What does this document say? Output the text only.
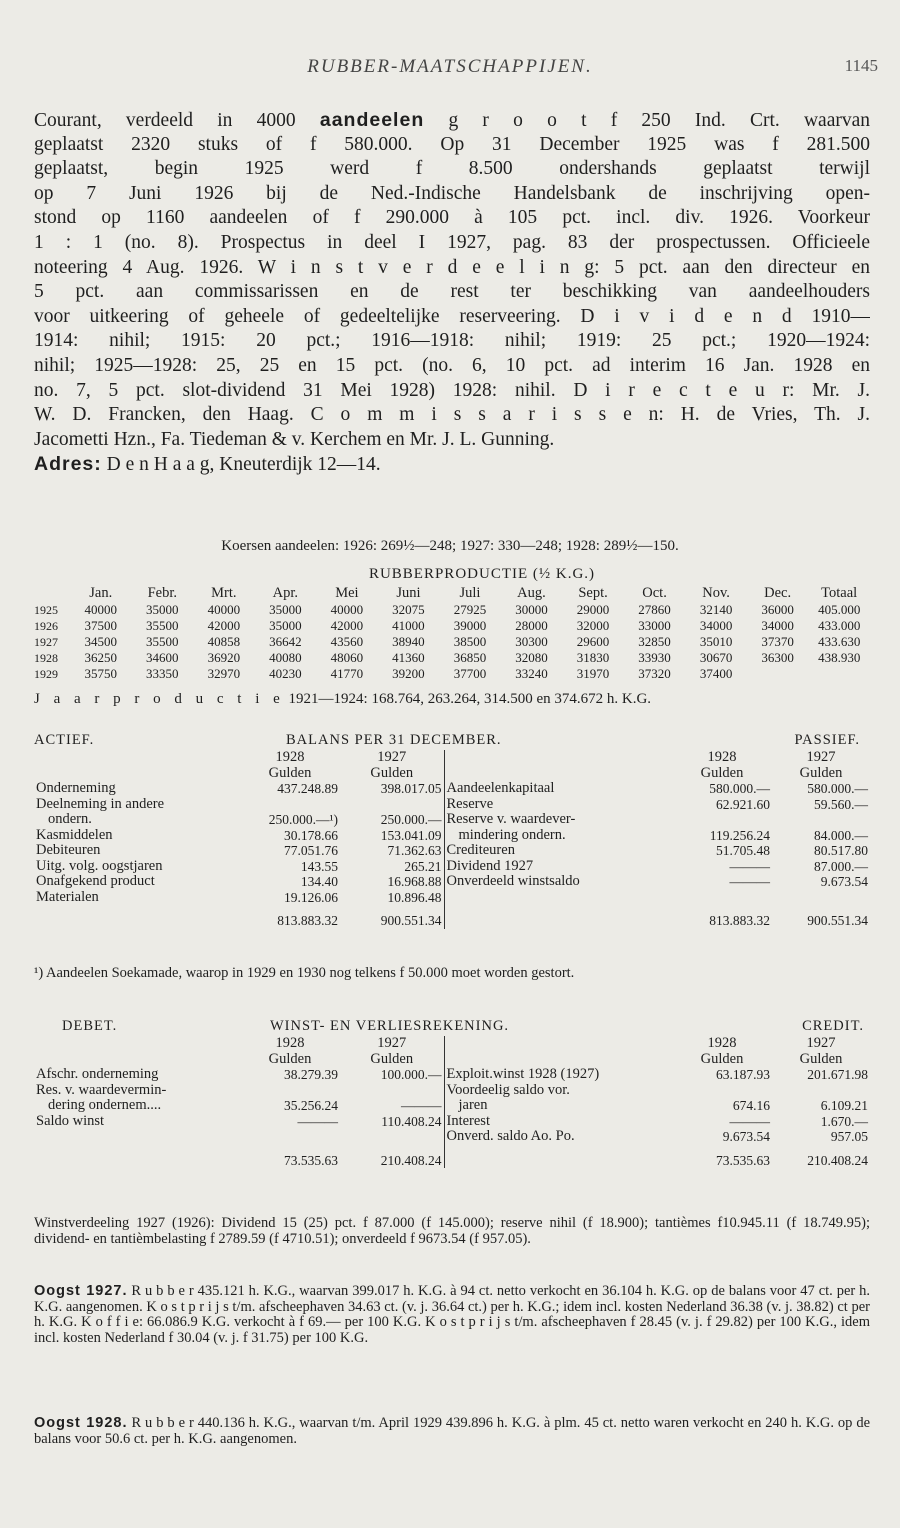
RUBBER-MAATSCHAPPIJEN.	1145
Courant, verdeeld in 4000 aandeelen g r o o t f 250 Ind. Crt. waarvan
geplaatst 2320 stuks of f 580.000. Op 31 December 1925 was f 281.500
geplaatst, begin 1925 werd f 8.500 ondershands geplaatst terwijl
op 7 Juni 1926 bij de Ned.-Indische Handelsbank de inschrijving open-
stond op 1160 aandeelen of f 290.000 à 105 pct. incl. div. 1926. Voorkeur
1 : 1 (no. 8). Prospectus in deel I 1927, pag. 83 der prospectussen. Officieele
noteering 4 Aug. 1926. W i n s t v e r d e e l i n g: 5 pct. aan den directeur en
5 pct. aan commissarissen en de rest ter beschikking van aandeelhouders
voor uitkeering of geheele of gedeeltelijke reserveering. D i v i d e n d 1910—
1914: nihil; 1915: 20 pct.; 1916—1918: nihil; 1919: 25 pct.; 1920—1924:
nihil; 1925—1928: 25, 25 en 15 pct. (no. 6, 10 pct. ad interim 16 Jan. 1928 en
no. 7, 5 pct. slot-dividend 31 Mei 1928) 1928: nihil. D i r e c t e u r: Mr. J.
W. D. Francken, den Haag. C o m m i s s a r i s s e n: H. de Vries, Th. J.
Jacometti Hzn., Fa. Tiedeman & v. Kerchem en Mr. J. L. Gunning.
Adres: D e n H a a g, Kneuterdijk 12—14.
Koersen aandeelen: 1926: 269½—248; 1927: 330—248; 1928: 289½—150.
RUBBERPRODUCTIE (½ K.G.)
	Jan.	Febr.	Mrt.	Apr.	Mei	Juni	Juli	Aug.	Sept.	Oct.	Nov.	Dec.	Totaal
1925	40000	35000	40000	35000	40000	32075	27925	30000	29000	27860	32140	36000	405.000
1926	37500	35500	42000	35000	42000	41000	39000	28000	32000	33000	34000	34000	433.000
1927	34500	35500	40858	36642	43560	38940	38500	30300	29600	32850	35010	37370	433.630
1928	36250	34600	36920	40080	48060	41360	36850	32080	31830	33930	30670	36300	438.930
1929	35750	33350	32970	40230	41770	39200	37700	33240	31970	37320	37400		
J a a r p r o d u c t i e 1921—1924: 168.764, 263.264, 314.500 en 374.672 h. K.G.
ACTIEF.	BALANS PER 31 DECEMBER.	PASSIEF.
	1928	1927		1928	1927
	Gulden	Gulden		Gulden	Gulden
Onderneming	437.248.89	398.017.05	Aandeelenkapitaal	580.000.—	580.000.—
Deelneming in andere			Reserve	62.921.60	59.560.—
ondern.	250.000.—¹)	250.000.—	Reserve v. waardever-		
Kasmiddelen	30.178.66	153.041.09	mindering ondern.	119.256.24	84.000.—
Debiteuren	77.051.76	71.362.63	Crediteuren	51.705.48	80.517.80
Uitg. volg. oogstjaren	143.55	265.21	Dividend 1927	———	87.000.—
Onafgekend product	134.40	16.968.88	Onverdeeld winstsaldo	———	9.673.54
Materialen	19.126.06	10.896.48			
	813.883.32	900.551.34		813.883.32	900.551.34
¹) Aandeelen Soekamade, waarop in 1929 en 1930 nog telkens f 50.000 moet worden gestort.
DEBET.	WINST- EN VERLIESREKENING.	CREDIT.
	1928	1927		1928	1927
	Gulden	Gulden		Gulden	Gulden
Afschr. onderneming	38.279.39	100.000.—	Exploit.winst 1928 (1927)	63.187.93	201.671.98
Res. v. waardevermin-			Voordeelig saldo vor.		
dering ondernem....	35.256.24	———	jaren	674.16	6.109.21
Saldo winst	———	110.408.24	Interest	———	1.670.—
			Onverd. saldo Ao. Po.	9.673.54	957.05
	73.535.63	210.408.24		73.535.63	210.408.24

Winstverdeeling 1927 (1926): Dividend 15 (25) pct. f 87.000 (f 145.000); reserve nihil (f 18.900); tantièmes f10.945.11 (f 18.749.95); dividend- en tantièmbelasting f 2789.59 (f 4710.51); onverdeeld f 9673.54 (f 957.05).

Oogst 1927. R u b b e r 435.121 h. K.G., waarvan 399.017 h. K.G. à 94 ct. netto verkocht en 36.104 h. K.G. op de balans voor 47 ct. per h. K.G. aangenomen. K o s t p r i j s t/m. afscheephaven 34.63 ct. (v. j. 36.64 ct.) per h. K.G.; idem incl. kosten Nederland 36.38 (v. j. 38.82) ct per h. K.G. K o f f i e: 66.086.9 K.G. verkocht à f 69.— per 100 K.G. K o s t p r i j s t/m. afscheephaven f 28.45 (v. j. f 29.82) per 100 K.G., idem incl. kosten Nederland f 30.04 (v. j. f 31.75) per 100 K.G.

Oogst 1928. R u b b e r 440.136 h. K.G., waarvan t/m. April 1929 439.896 h. K.G. à plm. 45 ct. netto waren verkocht en 240 h. K.G. op de balans voor 50.6 ct. per h. K.G. aangenomen.
